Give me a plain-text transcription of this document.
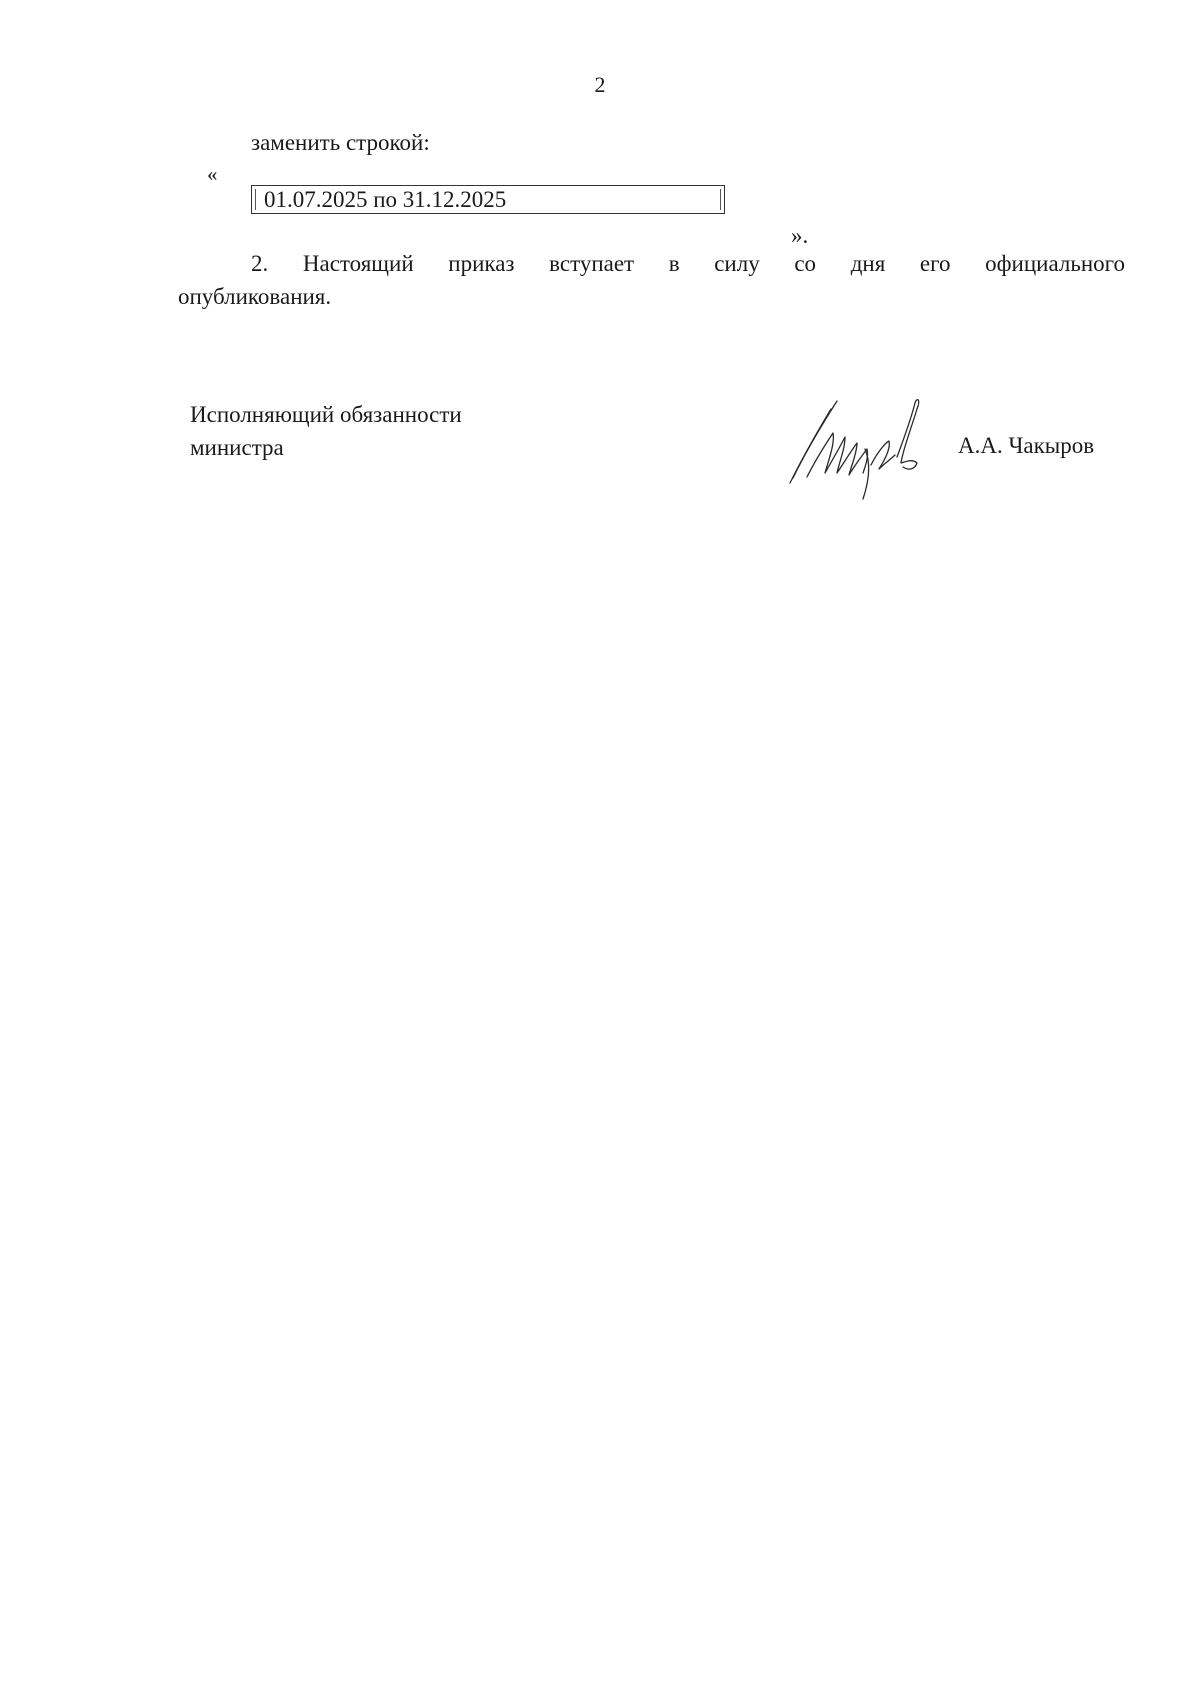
2
заменить строкой:
«
01.07.2025 по 31.12.2025
».
2. Настоящий приказ вступает в силу со дня его официального
опубликования.
Исполняющий обязанности
министра	А.А. Чакыров
